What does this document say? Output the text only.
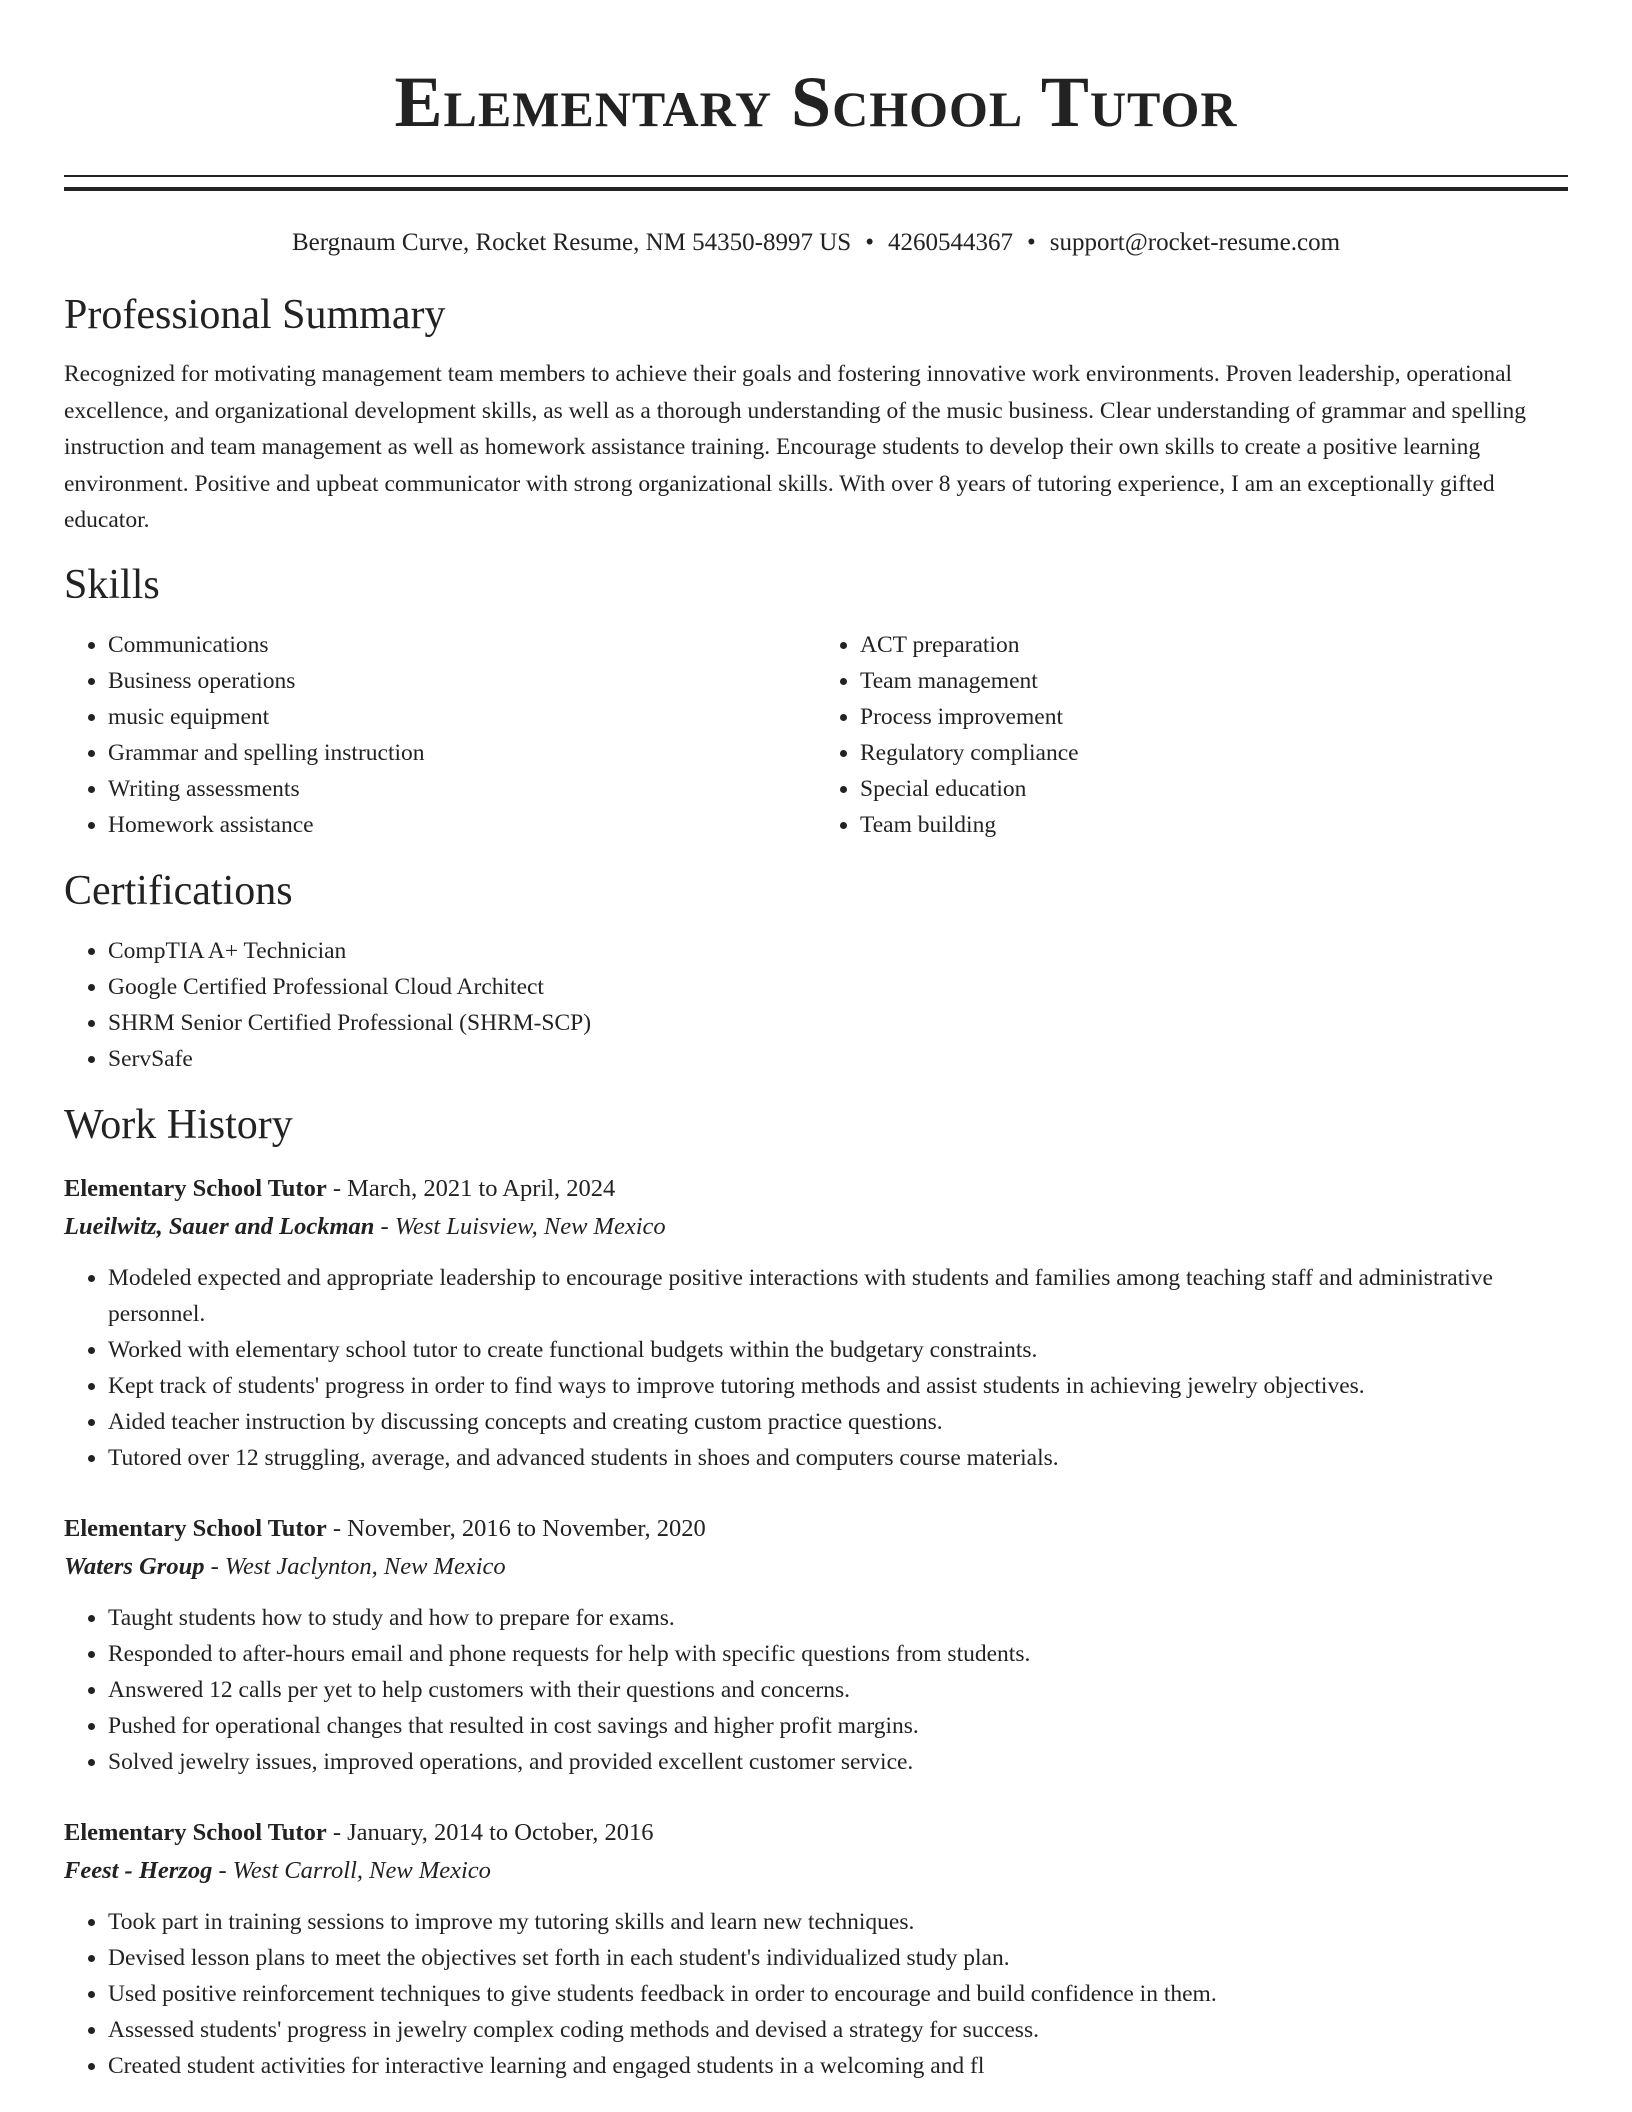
Elementary School Tutor
Bergnaum Curve, Rocket Resume, NM 54350-8997 US • 4260544367 • support@rocket-resume.com
Professional Summary

Recognized for motivating management team members to achieve their goals and fostering innovative work environments. Proven leadership, operational excellence, and organizational development skills, as well as a thorough understanding of the music business. Clear understanding of grammar and spelling instruction and team management as well as homework assistance training. Encourage students to develop their own skills to create a positive learning environment. Positive and upbeat communicator with strong organizational skills. With over 8 years of tutoring experience, I am an exceptionally gifted educator.

Skills
• Communications
• Business operations
• music equipment
• Grammar and spelling instruction
• Writing assessments
• Homework assistance
• ACT preparation
• Team management
• Process improvement
• Regulatory compliance
• Special education
• Team building
Certifications
• CompTIA A+ Technician
• Google Certified Professional Cloud Architect
• SHRM Senior Certified Professional (SHRM-SCP)
• ServSafe
Work History
Elementary School Tutor - March, 2021 to April, 2024
Lueilwitz, Sauer and Lockman - West Luisview, New Mexico
• Modeled expected and appropriate leadership to encourage positive interactions with students and families among teaching staff and administrative personnel.
• Worked with elementary school tutor to create functional budgets within the budgetary constraints.
• Kept track of students' progress in order to find ways to improve tutoring methods and assist students in achieving jewelry objectives.
• Aided teacher instruction by discussing concepts and creating custom practice questions.
• Tutored over 12 struggling, average, and advanced students in shoes and computers course materials.
Elementary School Tutor - November, 2016 to November, 2020
Waters Group - West Jaclynton, New Mexico
• Taught students how to study and how to prepare for exams.
• Responded to after-hours email and phone requests for help with specific questions from students.
• Answered 12 calls per yet to help customers with their questions and concerns.
• Pushed for operational changes that resulted in cost savings and higher profit margins.
• Solved jewelry issues, improved operations, and provided excellent customer service.
Elementary School Tutor - January, 2014 to October, 2016
Feest - Herzog - West Carroll, New Mexico
• Took part in training sessions to improve my tutoring skills and learn new techniques.
• Devised lesson plans to meet the objectives set forth in each student's individualized study plan.
• Used positive reinforcement techniques to give students feedback in order to encourage and build confidence in them.
• Assessed students' progress in jewelry complex coding methods and devised a strategy for success.
• Created student activities for interactive learning and engaged students in a welcoming and fl
